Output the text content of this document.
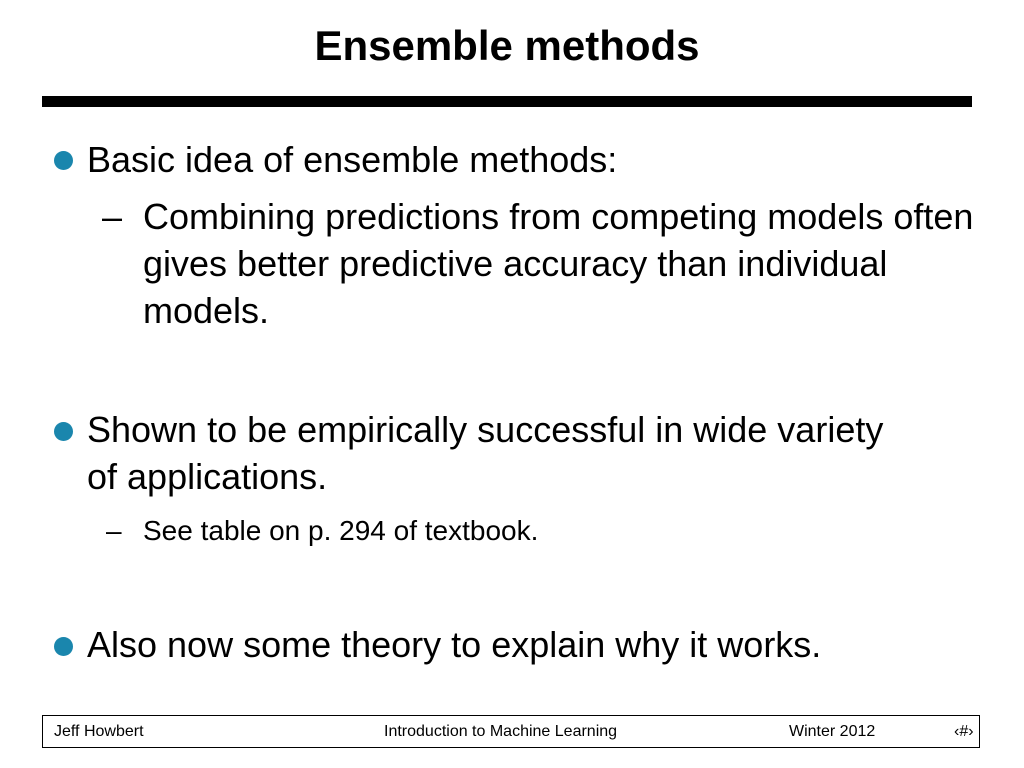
Ensemble methods
Basic idea of ensemble methods:
– Combining predictions from competing models often gives better predictive accuracy than individual models.
Shown to be empirically successful in wide variety of applications.
– See table on p. 294 of textbook.
Also now some theory to explain why it works.
Jeff Howbert	Introduction to Machine Learning	Winter 2012	‹#›
